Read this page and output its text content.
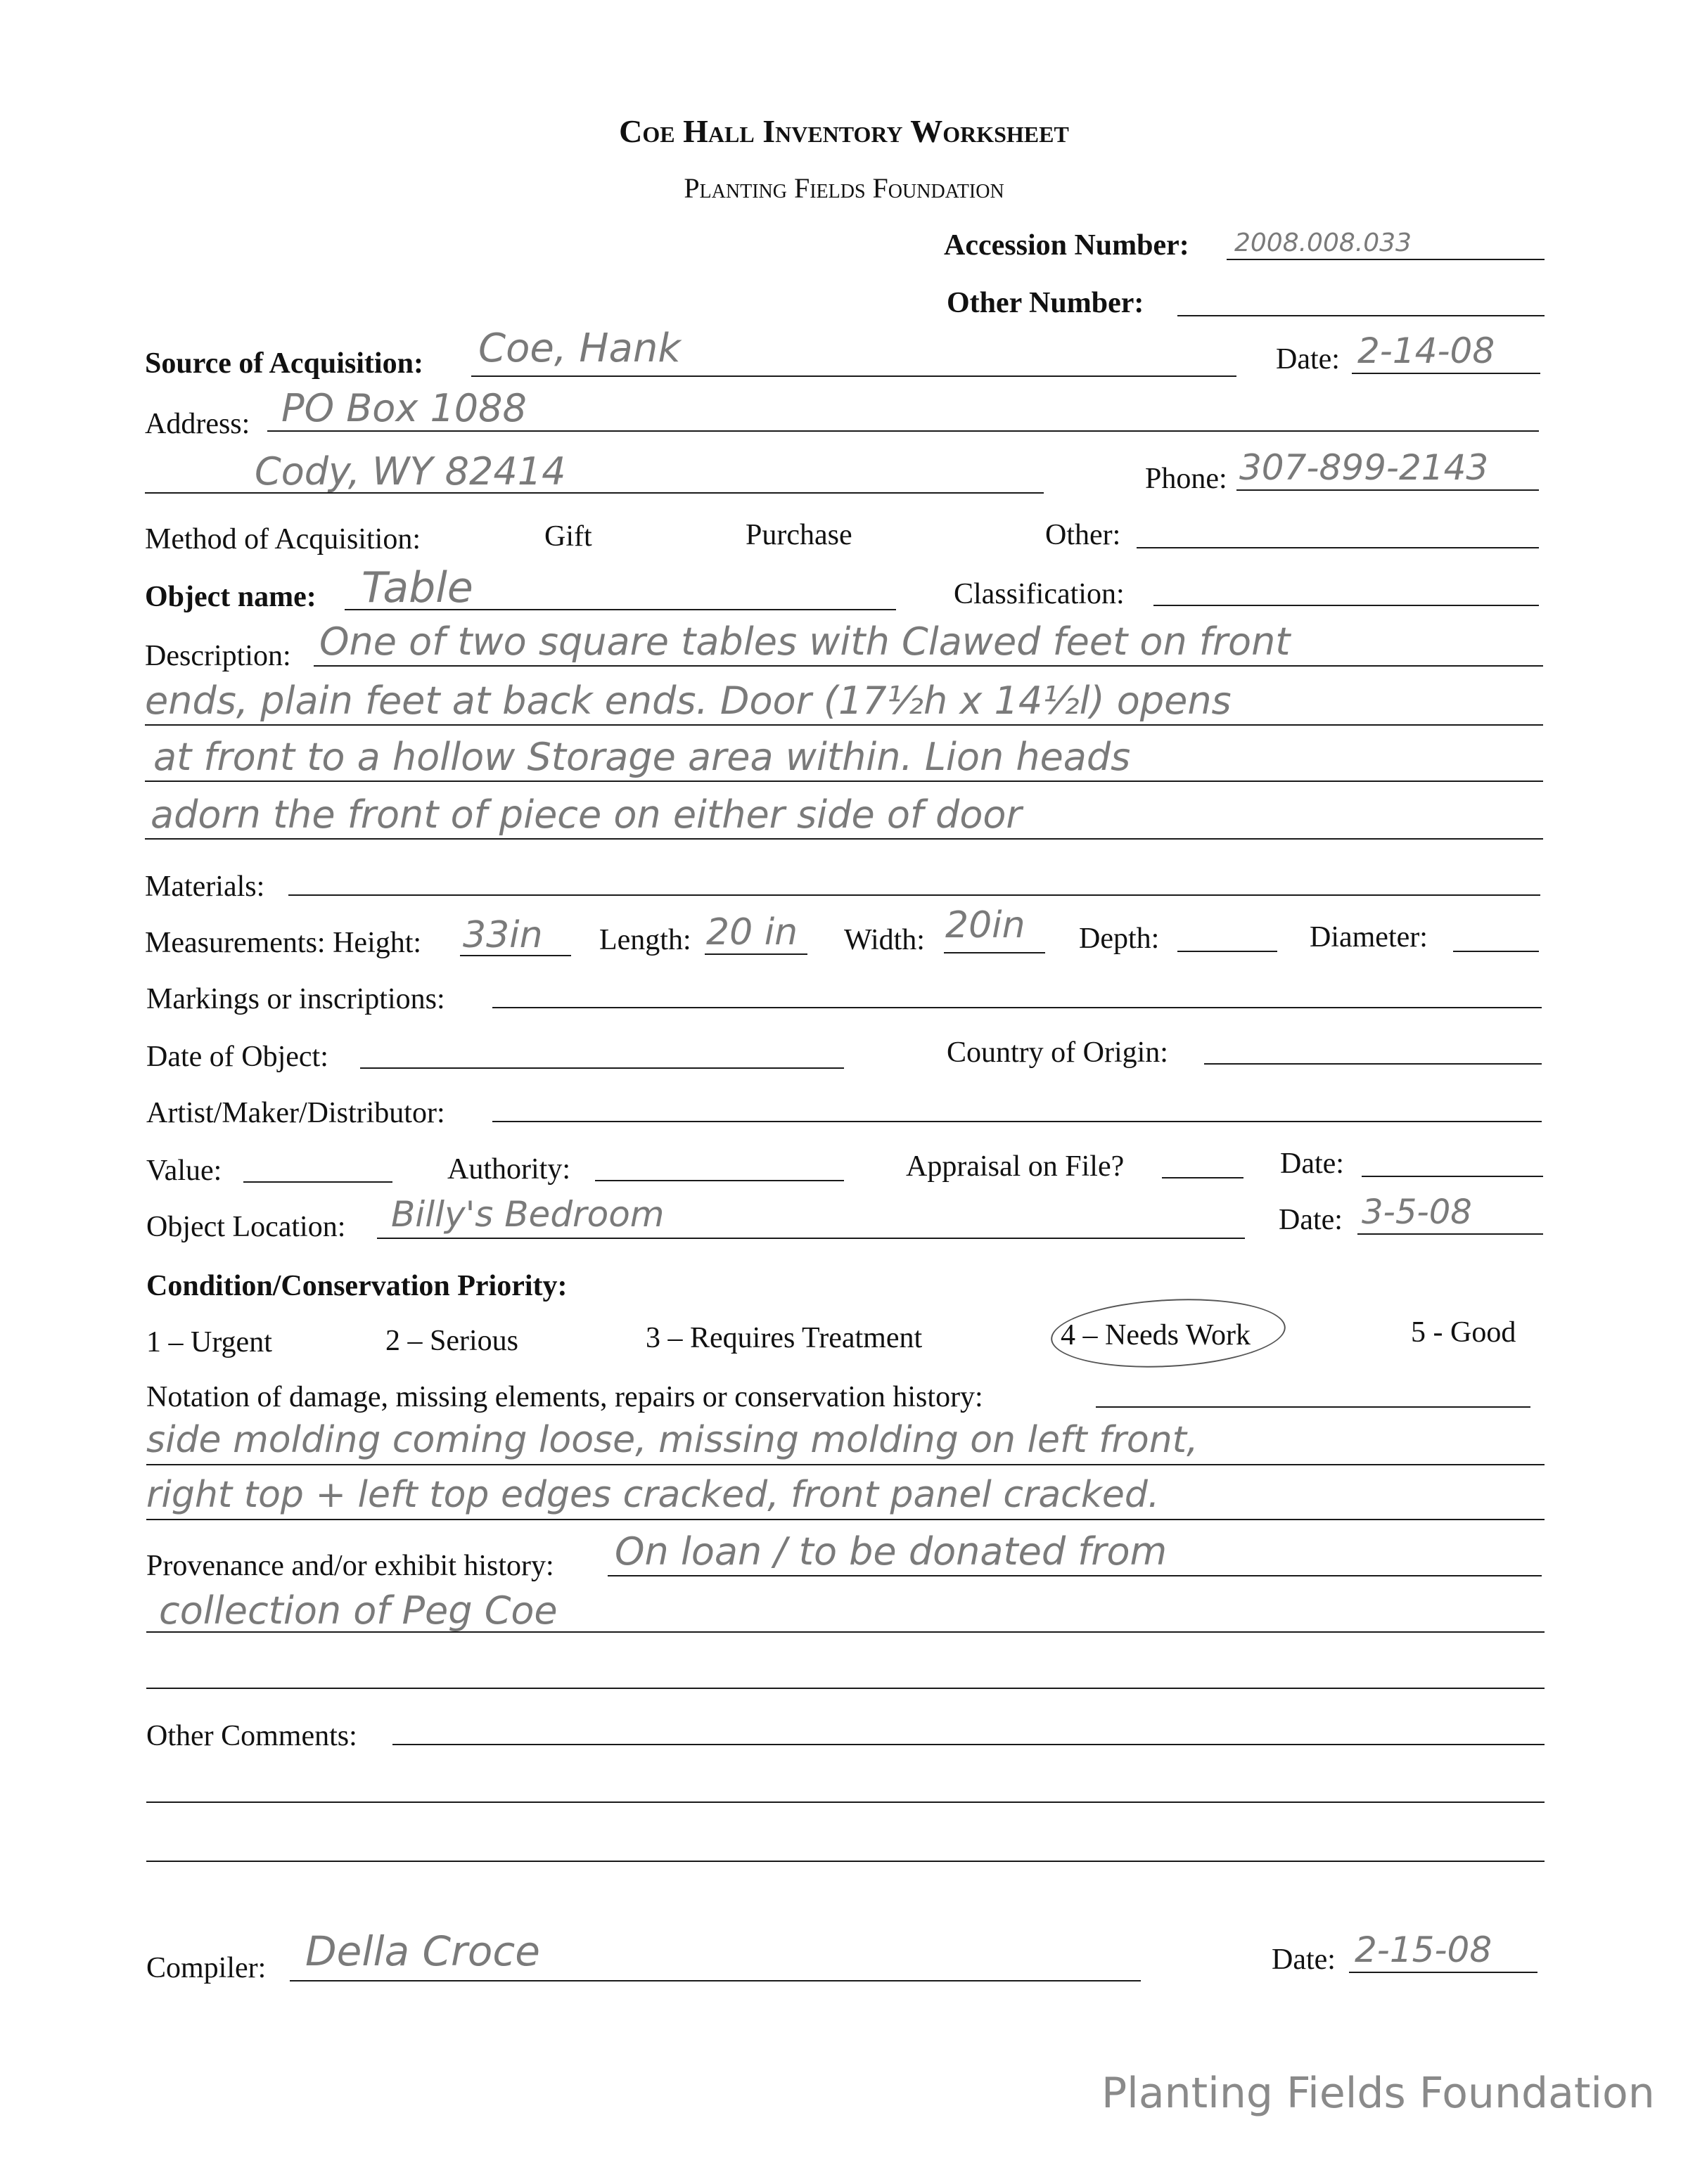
Coe Hall Inventory Worksheet
Planting Fields Foundation
Accession Number: 2008.008.033
Other Number:
Source of Acquisition: Coe, Hank	Date: 2-14-08
Address: PO Box 1088
Cody, WY 82414	Phone: 307-899-2143
Method of Acquisition:	Gift	Purchase	Other:
Object name: Table	Classification:
Description: One of two square tables with Clawed feet on front
ends, plain feet at back ends. Door (17½h x 14½l) opens
at front to a hollow Storage area within. Lion heads
adorn the front of piece on either side of door
Materials:
Measurements: Height: 33in Length: 20 in Width: 20in Depth:	Diameter:
Markings or inscriptions:
Date of Object:	Country of Origin:
Artist/Maker/Distributor:
Value:	Authority:	Appraisal on File?	Date:
Object Location: Billy's Bedroom	Date: 3-5-08
Condition/Conservation Priority:
1 – Urgent	2 – Serious	3 – Requires Treatment	4 – Needs Work	5 - Good
Notation of damage, missing elements, repairs or conservation history:
side molding coming loose, missing molding on left front,
right top + left top edges cracked, front panel cracked.
Provenance and/or exhibit history: On loan / to be donated from
collection of Peg Coe
Other Comments:
Compiler: Della Croce	Date: 2-15-08
Planting Fields Foundation
